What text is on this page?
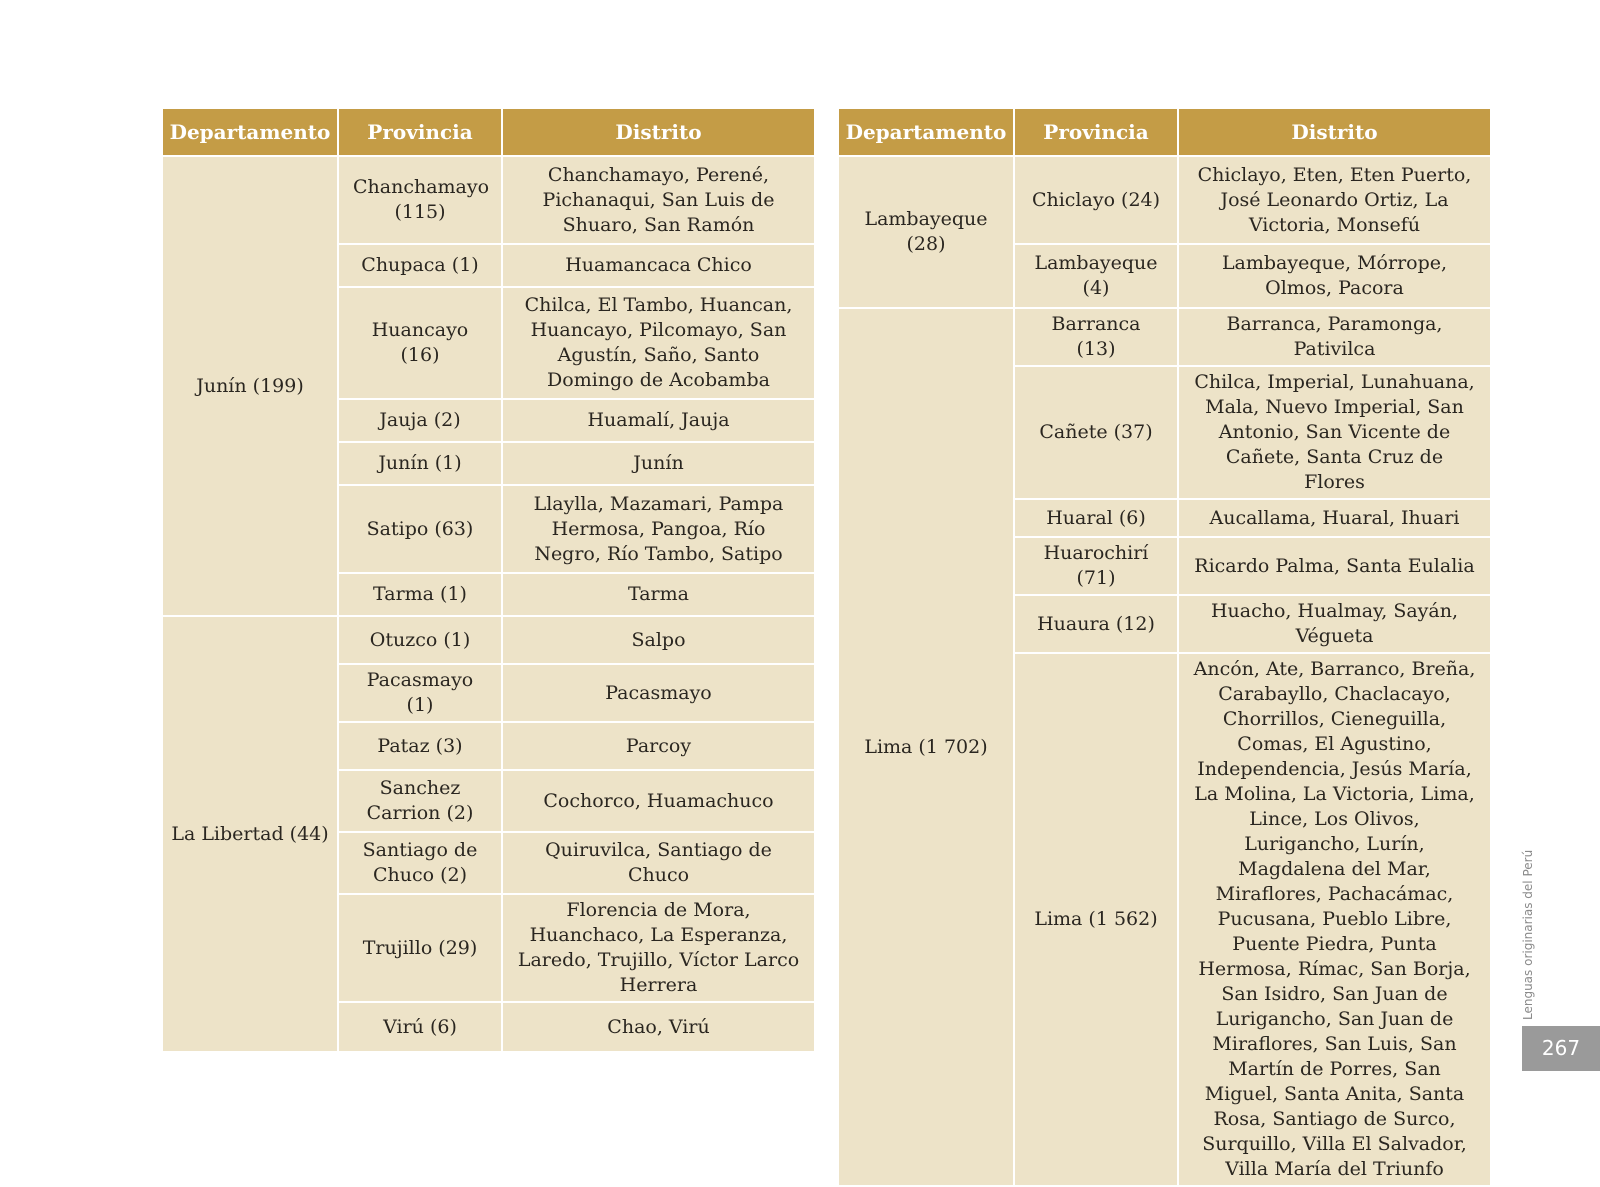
Departamento	Provincia	Distrito
Junín (199)	Chanchamayo (115)	Chanchamayo, Perené, Pichanaqui, San Luis de Shuaro, San Ramón
	Chupaca (1)	Huamancaca Chico
	Huancayo (16)	Chilca, El Tambo, Huancan, Huancayo, Pilcomayo, San Agustín, Saño, Santo Domingo de Acobamba
	Jauja (2)	Huamalí, Jauja
	Junín (1)	Junín
	Satipo (63)	Llaylla, Mazamari, Pampa Hermosa, Pangoa, Río Negro, Río Tambo, Satipo
	Tarma (1)	Tarma
La Libertad (44)	Otuzco (1)	Salpo
	Pacasmayo (1)	Pacasmayo
	Pataz (3)	Parcoy
	Sanchez Carrion (2)	Cochorco, Huamachuco
	Santiago de Chuco (2)	Quiruvilca, Santiago de Chuco
	Trujillo (29)	Florencia de Mora, Huanchaco, La Esperanza, Laredo, Trujillo, Víctor Larco Herrera
	Virú (6)	Chao, Virú
Departamento	Provincia	Distrito
Lambayeque (28)	Chiclayo (24)	Chiclayo, Eten, Eten Puerto, José Leonardo Ortiz, La Victoria, Monsefú
	Lambayeque (4)	Lambayeque, Mórrope, Olmos, Pacora
Lima (1 702)	Barranca (13)	Barranca, Paramonga, Pativilca
	Cañete (37)	Chilca, Imperial, Lunahuana, Mala, Nuevo Imperial, San Antonio, San Vicente de Cañete, Santa Cruz de Flores
	Huaral (6)	Aucallama, Huaral, Ihuari
	Huarochirí (71)	Ricardo Palma, Santa Eulalia
	Huaura (12)	Huacho, Hualmay, Sayán, Végueta
	Lima (1 562)	Ancón, Ate, Barranco, Breña, Carabayllo, Chaclacayo, Chorrillos, Cieneguilla, Comas, El Agustino, Independencia, Jesús María, La Molina, La Victoria, Lima, Lince, Los Olivos, Lurigancho, Lurín, Magdalena del Mar, Miraflores, Pachacámac, Pucusana, Pueblo Libre, Puente Piedra, Punta Hermosa, Rímac, San Borja, San Isidro, San Juan de Lurigancho, San Juan de Miraflores, San Luis, San Martín de Porres, San Miguel, Santa Anita, Santa Rosa, Santiago de Surco, Surquillo, Villa El Salvador, Villa María del Triunfo
Lenguas originarias del Perú
267
